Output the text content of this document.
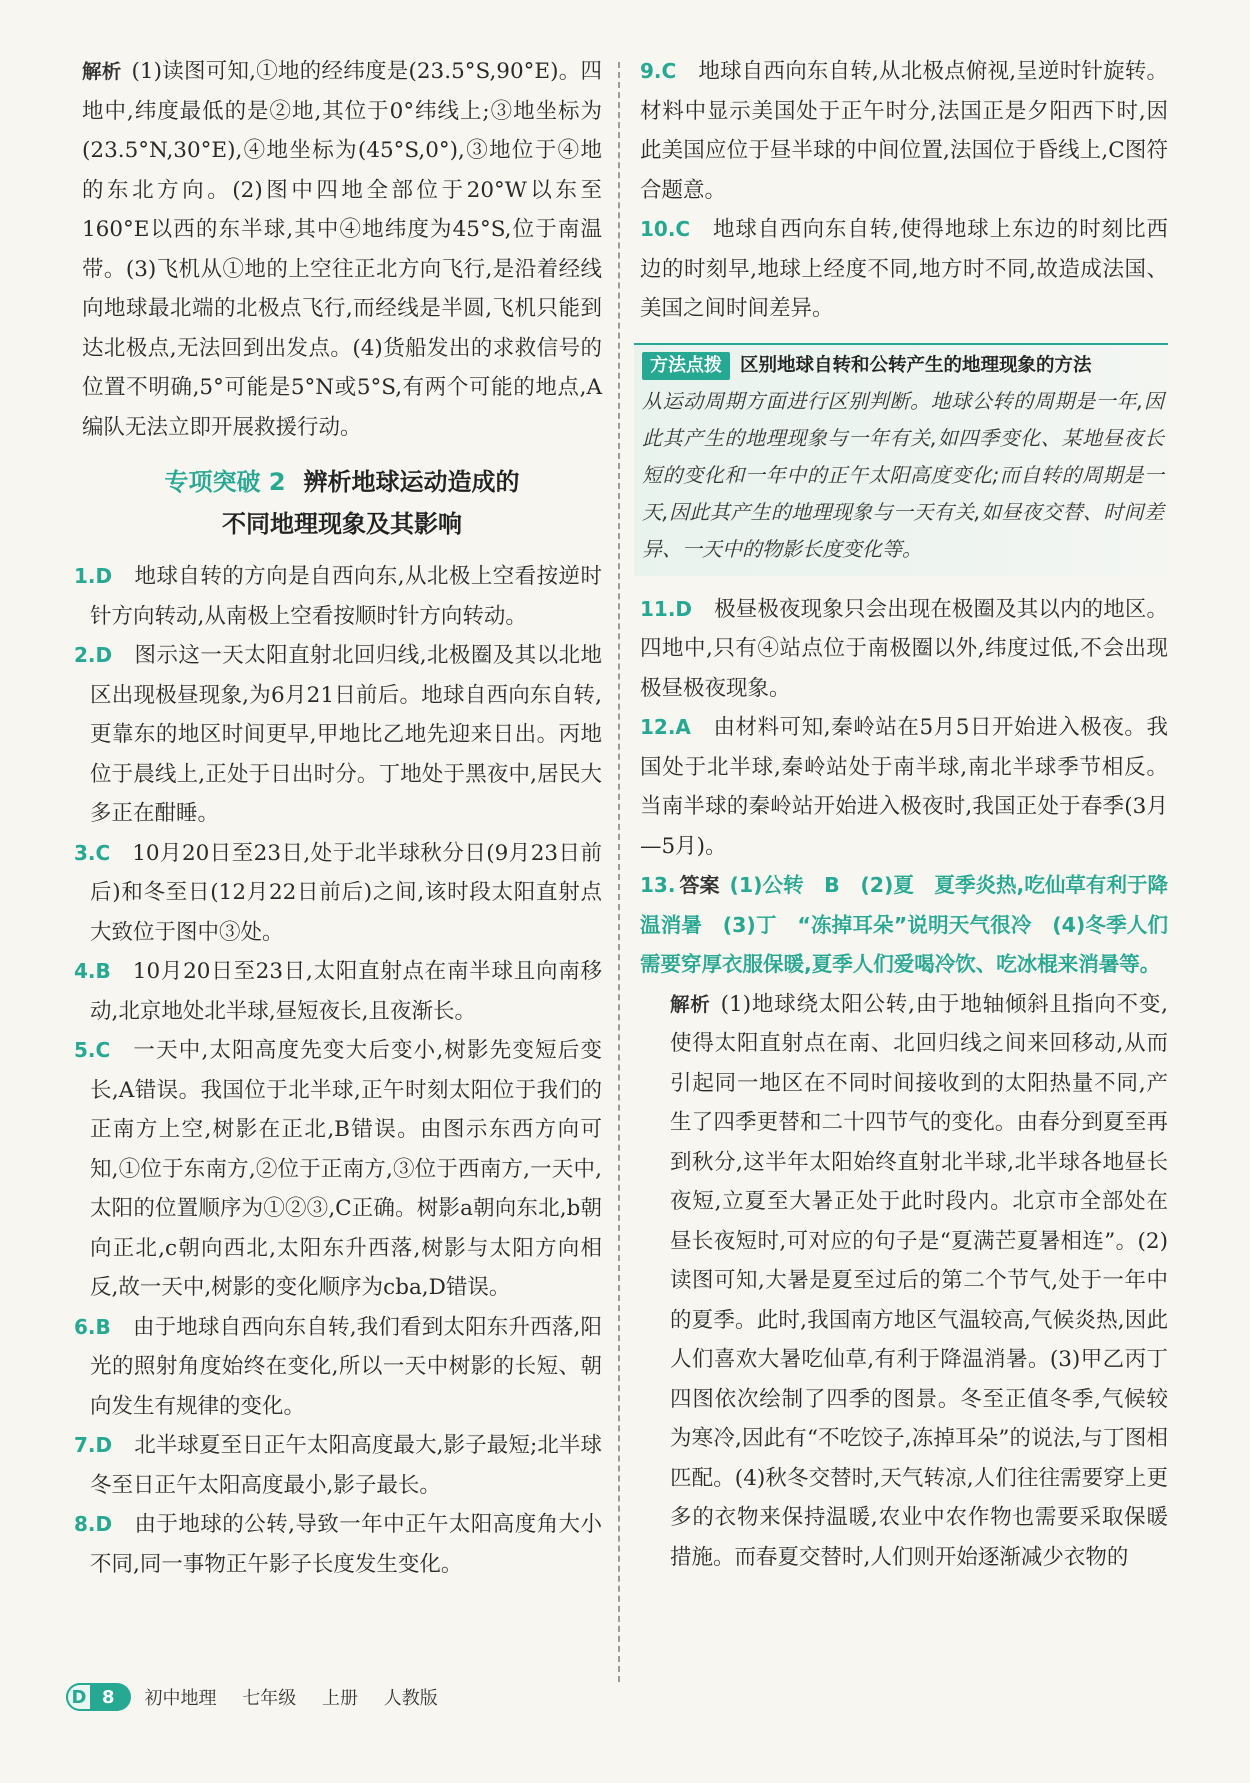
解析 (1)读图可知,①地的经纬度是(23.5°S,90°E)。四地中,纬度最低的是②地,其位于0°纬线上;③地坐标为(23.5°N,30°E),④地坐标为(45°S,0°),③地位于④地的东北方向。(2)图中四地全部位于20°W以东至160°E以西的东半球,其中④地纬度为45°S,位于南温带。(3)飞机从①地的上空往正北方向飞行,是沿着经线向地球最北端的北极点飞行,而经线是半圆,飞机只能到达北极点,无法回到出发点。(4)货船发出的求救信号的位置不明确,5°可能是5°N或5°S,有两个可能的地点,A编队无法立即开展救援行动。

专项突破 2 辨析地球运动造成的
不同地理现象及其影响

1.D 地球自转的方向是自西向东,从北极上空看按逆时针方向转动,从南极上空看按顺时针方向转动。

2.D 图示这一天太阳直射北回归线,北极圈及其以北地区出现极昼现象,为6月21日前后。地球自西向东自转,更靠东的地区时间更早,甲地比乙地先迎来日出。丙地位于晨线上,正处于日出时分。丁地处于黑夜中,居民大多正在酣睡。

3.C 10月20日至23日,处于北半球秋分日(9月23日前后)和冬至日(12月22日前后)之间,该时段太阳直射点大致位于图中③处。

4.B 10月20日至23日,太阳直射点在南半球且向南移动,北京地处北半球,昼短夜长,且夜渐长。

5.C 一天中,太阳高度先变大后变小,树影先变短后变长,A错误。我国位于北半球,正午时刻太阳位于我们的正南方上空,树影在正北,B错误。由图示东西方向可知,①位于东南方,②位于正南方,③位于西南方,一天中,太阳的位置顺序为①②③,C正确。树影a朝向东北,b朝向正北,c朝向西北,太阳东升西落,树影与太阳方向相反,故一天中,树影的变化顺序为cba,D错误。

6.B 由于地球自西向东自转,我们看到太阳东升西落,阳光的照射角度始终在变化,所以一天中树影的长短、朝向发生有规律的变化。

7.D 北半球夏至日正午太阳高度最大,影子最短;北半球冬至日正午太阳高度最小,影子最长。

8.D 由于地球的公转,导致一年中正午太阳高度角大小不同,同一事物正午影子长度发生变化。

9.C 地球自西向东自转,从北极点俯视,呈逆时针旋转。材料中显示美国处于正午时分,法国正是夕阳西下时,因此美国应位于昼半球的中间位置,法国位于昏线上,C图符合题意。

10.C 地球自西向东自转,使得地球上东边的时刻比西边的时刻早,地球上经度不同,地方时不同,故造成法国、美国之间时间差异。

方法点拨 区别地球自转和公转产生的地理现象的方法
从运动周期方面进行区别判断。地球公转的周期是一年,因此其产生的地理现象与一年有关,如四季变化、某地昼夜长短的变化和一年中的正午太阳高度变化;而自转的周期是一天,因此其产生的地理现象与一天有关,如昼夜交替、时间差异、一天中的物影长度变化等。

11.D 极昼极夜现象只会出现在极圈及其以内的地区。四地中,只有④站点位于南极圈以外,纬度过低,不会出现极昼极夜现象。

12.A 由材料可知,秦岭站在5月5日开始进入极夜。我国处于北半球,秦岭站处于南半球,南北半球季节相反。当南半球的秦岭站开始进入极夜时,我国正处于春季(3月—5月)。

13. 答案 (1)公转　B　(2)夏　夏季炎热,吃仙草有利于降温消暑　(3)丁　“冻掉耳朵”说明天气很冷　(4)冬季人们需要穿厚衣服保暖,夏季人们爱喝冷饮、吃冰棍来消暑等。

解析 (1)地球绕太阳公转,由于地轴倾斜且指向不变,使得太阳直射点在南、北回归线之间来回移动,从而引起同一地区在不同时间接收到的太阳热量不同,产生了四季更替和二十四节气的变化。由春分到夏至再到秋分,这半年太阳始终直射北半球,北半球各地昼长夜短,立夏至大暑正处于此时段内。北京市全部处在昼长夜短时,可对应的句子是“夏满芒夏暑相连”。(2)读图可知,大暑是夏至过后的第二个节气,处于一年中的夏季。此时,我国南方地区气温较高,气候炎热,因此人们喜欢大暑吃仙草,有利于降温消暑。(3)甲乙丙丁四图依次绘制了四季的图景。冬至正值冬季,气候较为寒冷,因此有“不吃饺子,冻掉耳朵”的说法,与丁图相匹配。(4)秋冬交替时,天气转凉,人们往往需要穿上更多的衣物来保持温暖,农业中农作物也需要采取保暖措施。而春夏交替时,人们则开始逐渐减少衣物的

D 8	初中地理 七年级 上册 人教版
